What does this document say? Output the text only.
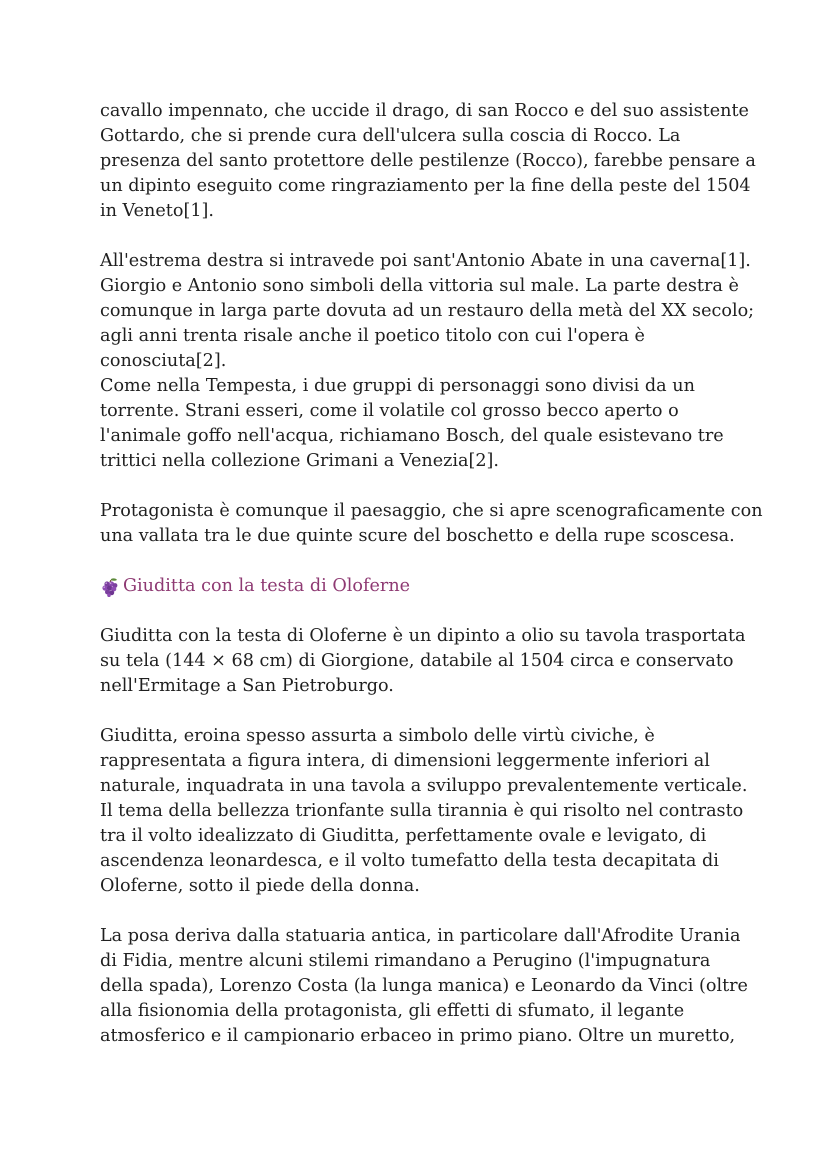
cavallo impennato, che uccide il drago, di san Rocco e del suo assistente
Gottardo, che si prende cura dell'ulcera sulla coscia di Rocco. La
presenza del santo protettore delle pestilenze (Rocco), farebbe pensare a
un dipinto eseguito come ringraziamento per la fine della peste del 1504
in Veneto[1].
All'estrema destra si intravede poi sant'Antonio Abate in una caverna[1].
Giorgio e Antonio sono simboli della vittoria sul male. La parte destra è
comunque in larga parte dovuta ad un restauro della metà del XX secolo;
agli anni trenta risale anche il poetico titolo con cui l'opera è
conosciuta[2].
Come nella Tempesta, i due gruppi di personaggi sono divisi da un
torrente. Strani esseri, come il volatile col grosso becco aperto o
l'animale goffo nell'acqua, richiamano Bosch, del quale esistevano tre
trittici nella collezione Grimani a Venezia[2].
Protagonista è comunque il paesaggio, che si apre scenograficamente con
una vallata tra le due quinte scure del boschetto e della rupe scoscesa.
Giuditta con la testa di Oloferne
Giuditta con la testa di Oloferne è un dipinto a olio su tavola trasportata
su tela (144 × 68 cm) di Giorgione, databile al 1504 circa e conservato
nell'Ermitage a San Pietroburgo.
Giuditta, eroina spesso assurta a simbolo delle virtù civiche, è
rappresentata a figura intera, di dimensioni leggermente inferiori al
naturale, inquadrata in una tavola a sviluppo prevalentemente verticale.
Il tema della bellezza trionfante sulla tirannia è qui risolto nel contrasto
tra il volto idealizzato di Giuditta, perfettamente ovale e levigato, di
ascendenza leonardesca, e il volto tumefatto della testa decapitata di
Oloferne, sotto il piede della donna.
La posa deriva dalla statuaria antica, in particolare dall'Afrodite Urania
di Fidia, mentre alcuni stilemi rimandano a Perugino (l'impugnatura
della spada), Lorenzo Costa (la lunga manica) e Leonardo da Vinci (oltre
alla fisionomia della protagonista, gli effetti di sfumato, il legante
atmosferico e il campionario erbaceo in primo piano. Oltre un muretto,
